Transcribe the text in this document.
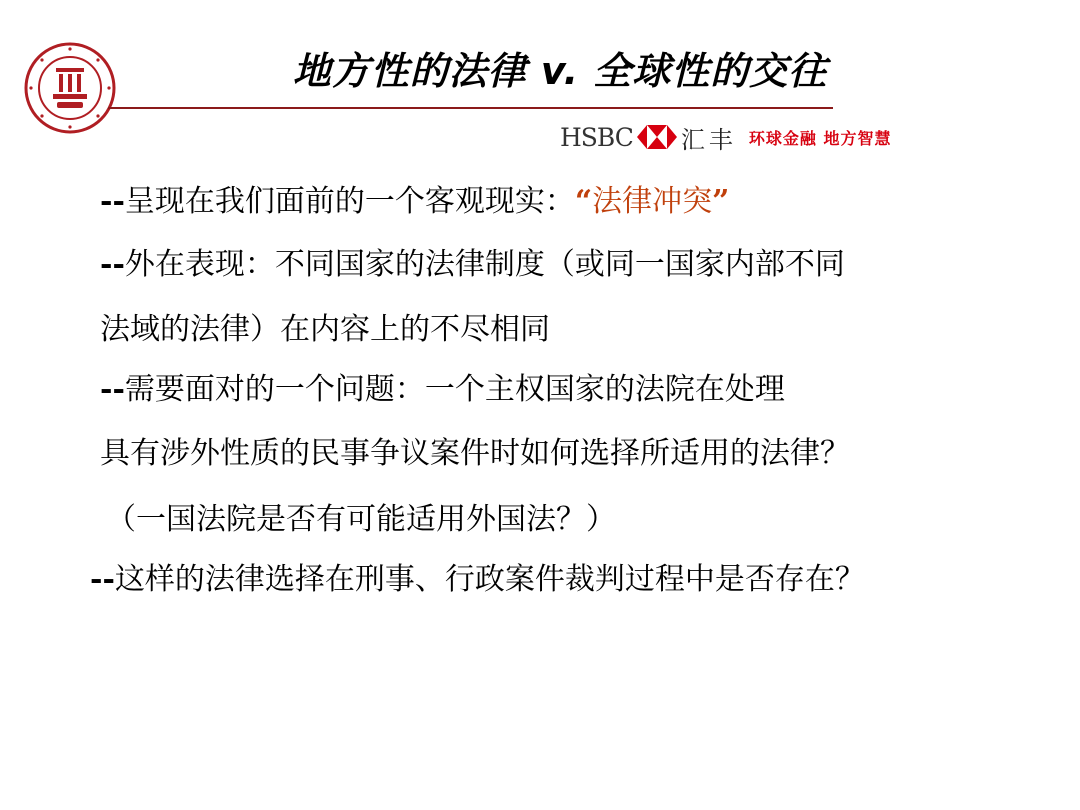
地方性的法律 v. 全球性的交往
HSBC 汇丰 环球金融 地方智慧
--呈现在我们面前的一个客观现实：“法律冲突”
--外在表现：不同国家的法律制度（或同一国家内部不同
法域的法律）在内容上的不尽相同
--需要面对的一个问题：一个主权国家的法院在处理
具有涉外性质的民事争议案件时如何选择所适用的法律？
（一国法院是否有可能适用外国法？）
--这样的法律选择在刑事、行政案件裁判过程中是否存在？
